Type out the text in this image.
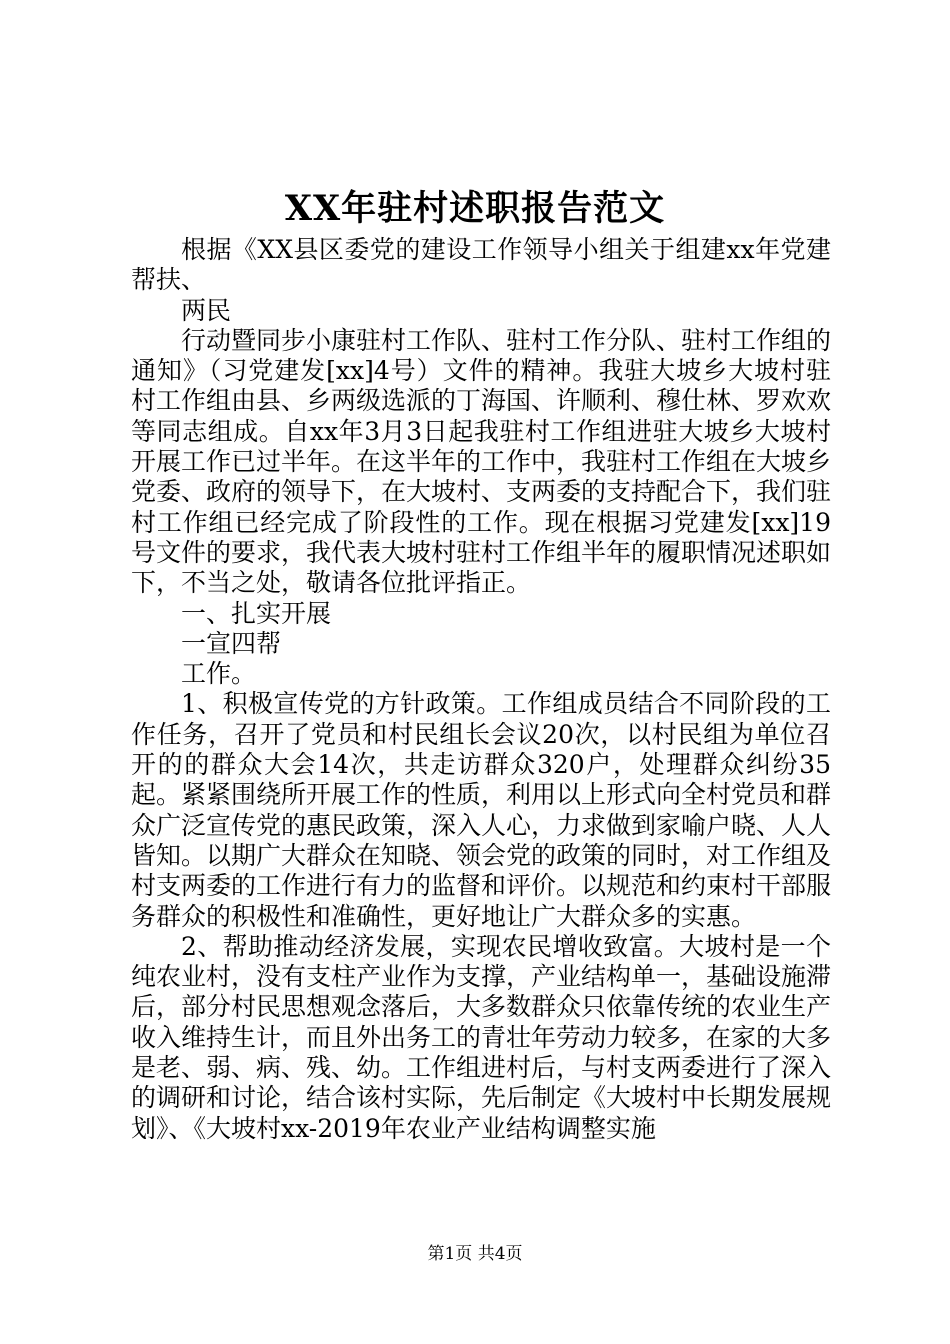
XX年驻村述职报告范文

根据《XX县区委党的建设工作领导小组关于组建xx年党建帮扶、

两民

行动暨同步小康驻村工作队、驻村工作分队、驻村工作组的通知》（习党建发[xx]4号）文件的精神。我驻大坡乡大坡村驻村工作组由县、乡两级选派的丁海国、许顺利、穆仕林、罗欢欢等同志组成。自xx年3月3日起我驻村工作组进驻大坡乡大坡村开展工作已过半年。在这半年的工作中，我驻村工作组在大坡乡党委、政府的领导下，在大坡村、支两委的支持配合下，我们驻村工作组已经完成了阶段性的工作。现在根据习党建发[xx]19号文件的要求，我代表大坡村驻村工作组半年的履职情况述职如下，不当之处，敬请各位批评指正。

一、扎实开展

一宣四帮

工作。

1、积极宣传党的方针政策。工作组成员结合不同阶段的工作任务，召开了党员和村民组长会议20次，以村民组为单位召开的的群众大会14次，共走访群众320户，处理群众纠纷35起。紧紧围绕所开展工作的性质，利用以上形式向全村党员和群众广泛宣传党的惠民政策，深入人心，力求做到家喻户晓、人人皆知。以期广大群众在知晓、领会党的政策的同时，对工作组及村支两委的工作进行有力的监督和评价。以规范和约束村干部服务群众的积极性和准确性，更好地让广大群众多的实惠。

2、帮助推动经济发展，实现农民增收致富。大坡村是一个纯农业村，没有支柱产业作为支撑，产业结构单一，基础设施滞后，部分村民思想观念落后，大多数群众只依靠传统的农业生产收入维持生计，而且外出务工的青壮年劳动力较多，在家的大多是老、弱、病、残、幼。工作组进村后，与村支两委进行了深入的调研和讨论，结合该村实际，先后制定《大坡村中长期发展规划》、《大坡村xx-2019年农业产业结构调整实施

第1页 共4页
